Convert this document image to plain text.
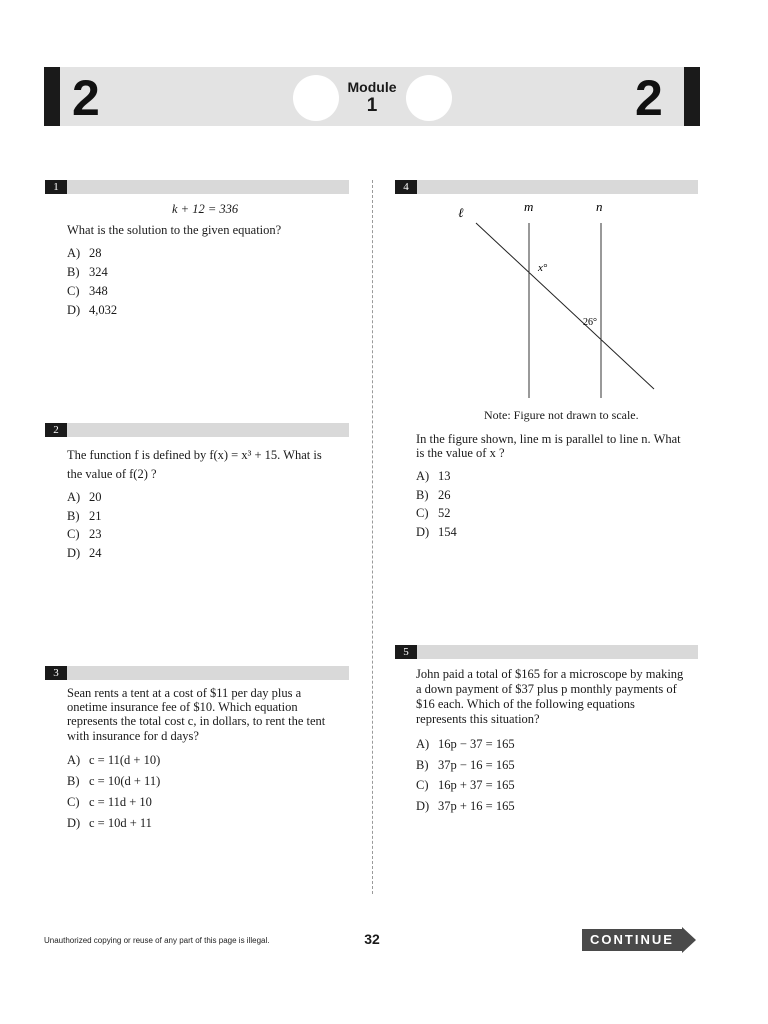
2	Module
1	2
1
k + 12 = 336
What is the solution to the given equation?
A) 28
B) 324
C) 348
D) 4,032
2
The function f is defined by f(x) = x³ + 15. What is
the value of f(2) ?
A) 20
B) 21
C) 23
D) 24
3
Sean rents a tent at a cost of $11 per day plus a
onetime insurance fee of $10. Which equation
represents the total cost c, in dollars, to rent the tent
with insurance for d days?
A) c = 11(d + 10)
B) c = 10(d + 11)
C) c = 11d + 10
D) c = 10d + 11
4
ℓ	m	n
x°
26°
Note: Figure not drawn to scale.
In the figure shown, line m is parallel to line n. What
is the value of x ?
A) 13
B) 26
C) 52
D) 154
5
John paid a total of $165 for a microscope by making
a down payment of $37 plus p monthly payments of
$16 each. Which of the following equations
represents this situation?
A) 16p − 37 = 165
B) 37p − 16 = 165
C) 16p + 37 = 165
D) 37p + 16 = 165
Unauthorized copying or reuse of any part of this page is illegal.	32	CONTINUE
